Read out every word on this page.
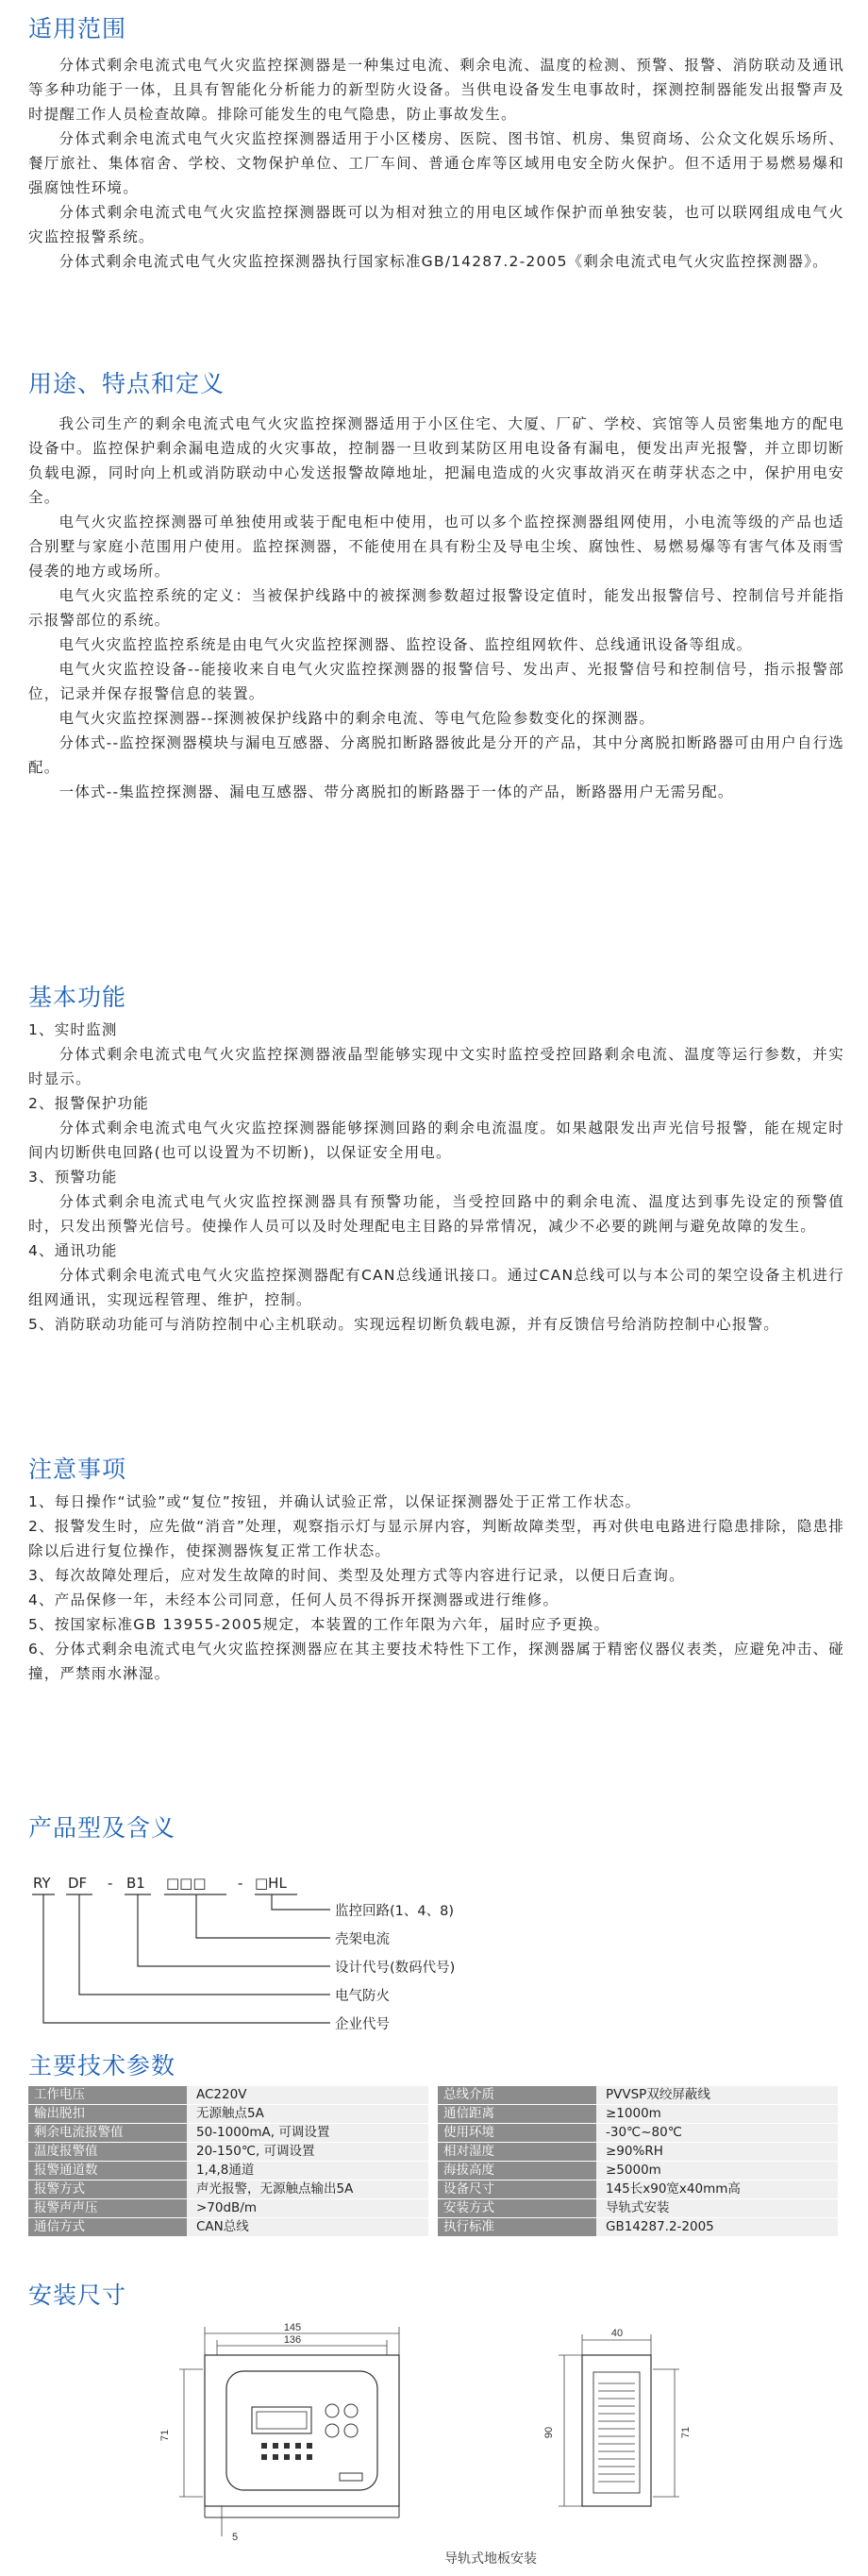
适用范围

分体式剩余电流式电气火灾监控探测器是一种集过电流、剩余电流、温度的检测、预警、报警、消防联动及通讯等多种功能于一体，且具有智能化分析能力的新型防火设备。当供电设备发生电事故时，探测控制器能发出报警声及时提醒工作人员检查故障。排除可能发生的电气隐患，防止事故发生。

分体式剩余电流式电气火灾监控探测器适用于小区楼房、医院、图书馆、机房、集贸商场、公众文化娱乐场所、餐厅旅社、集体宿舍、学校、文物保护单位、工厂车间、普通仓库等区域用电安全防火保护。但不适用于易燃易爆和强腐蚀性环境。

分体式剩余电流式电气火灾监控探测器既可以为相对独立的用电区域作保护而单独安装，也可以联网组成电气火灾监控报警系统。

分体式剩余电流式电气火灾监控探测器执行国家标准GB/14287.2-2005《剩余电流式电气火灾监控探测器》。

用途、特点和定义

我公司生产的剩余电流式电气火灾监控探测器适用于小区住宅、大厦、厂矿、学校、宾馆等人员密集地方的配电设备中。监控保护剩余漏电造成的火灾事故，控制器一旦收到某防区用电设备有漏电，便发出声光报警，并立即切断负载电源，同时向上机或消防联动中心发送报警故障地址，把漏电造成的火灾事故消灭在萌芽状态之中，保护用电安全。

电气火灾监控探测器可单独使用或装于配电柜中使用，也可以多个监控探测器组网使用，小电流等级的产品也适合别墅与家庭小范围用户使用。监控探测器，不能使用在具有粉尘及导电尘埃、腐蚀性、易燃易爆等有害气体及雨雪侵袭的地方或场所。

电气火灾监控系统的定义：当被保护线路中的被探测参数超过报警设定值时，能发出报警信号、控制信号并能指示报警部位的系统。

电气火灾监控监控系统是由电气火灾监控探测器、监控设备、监控组网软件、总线通讯设备等组成。

电气火灾监控设备--能接收来自电气火灾监控探测器的报警信号、发出声、光报警信号和控制信号，指示报警部位，记录并保存报警信息的装置。

电气火灾监控探测器--探测被保护线路中的剩余电流、等电气危险参数变化的探测器。

分体式--监控探测器模块与漏电互感器、分离脱扣断路器彼此是分开的产品，其中分离脱扣断路器可由用户自行选配。

一体式--集监控探测器、漏电互感器、带分离脱扣的断路器于一体的产品，断路器用户无需另配。

基本功能

1、实时监测

分体式剩余电流式电气火灾监控探测器液晶型能够实现中文实时监控受控回路剩余电流、温度等运行参数，并实时显示。

2、报警保护功能

分体式剩余电流式电气火灾监控探测器能够探测回路的剩余电流温度。如果越限发出声光信号报警，能在规定时间内切断供电回路(也可以设置为不切断)，以保证安全用电。

3、预警功能

分体式剩余电流式电气火灾监控探测器具有预警功能，当受控回路中的剩余电流、温度达到事先设定的预警值时，只发出预警光信号。使操作人员可以及时处理配电主目路的异常情况，减少不必要的跳闸与避免故障的发生。

4、通讯功能

分体式剩余电流式电气火灾监控探测器配有CAN总线通讯接口。通过CAN总线可以与本公司的架空设备主机进行组网通讯，实现远程管理、维护，控制。

5、消防联动功能可与消防控制中心主机联动。实现远程切断负载电源，并有反馈信号给消防控制中心报警。

注意事项

1、每日操作“试验”或“复位”按钮，并确认试验正常，以保证探测器处于正常工作状态。

2、报警发生时，应先做“消音”处理，观察指示灯与显示屏内容，判断故障类型，再对供电电路进行隐患排除，隐患排除以后进行复位操作，使探测器恢复正常工作状态。

3、每次故障处理后，应对发生故障的时间、类型及处理方式等内容进行记录，以便日后查询。

4、产品保修一年，未经本公司同意，任何人员不得拆开探测器或进行维修。

5、按国家标准GB 13955-2005规定，本装置的工作年限为六年，届时应予更换。

6、分体式剩余电流式电气火灾监控探测器应在其主要技术特性下工作，探测器属于精密仪器仪表类，应避免冲击、碰撞，严禁雨水淋湿。

产品型及含义
RY DF - B1 □□□ - □HL
监控回路(1、4、8)
壳架电流
设计代号(数码代号)
电气防火
企业代号
主要技术参数
工作电压	AC220V	总线介质	PVVSP双绞屏蔽线
输出脱扣	无源触点5A	通信距离	≥1000m
剩余电流报警值	50-1000mA, 可调设置	使用环境	-30℃~80℃
温度报警值	20-150℃, 可调设置	相对湿度	≥90%RH
报警通道数	1,4,8通道	海拔高度	≥5000m
报警方式	声光报警，无源触点输出5A	设备尺寸	145长x90宽x40mm高
报警声声压	>70dB/m	安装方式	导轨式安装
通信方式	CAN总线	执行标准	GB14287.2-2005
安装尺寸
145
136
71
5
40
90	71
导轨式地板安装
